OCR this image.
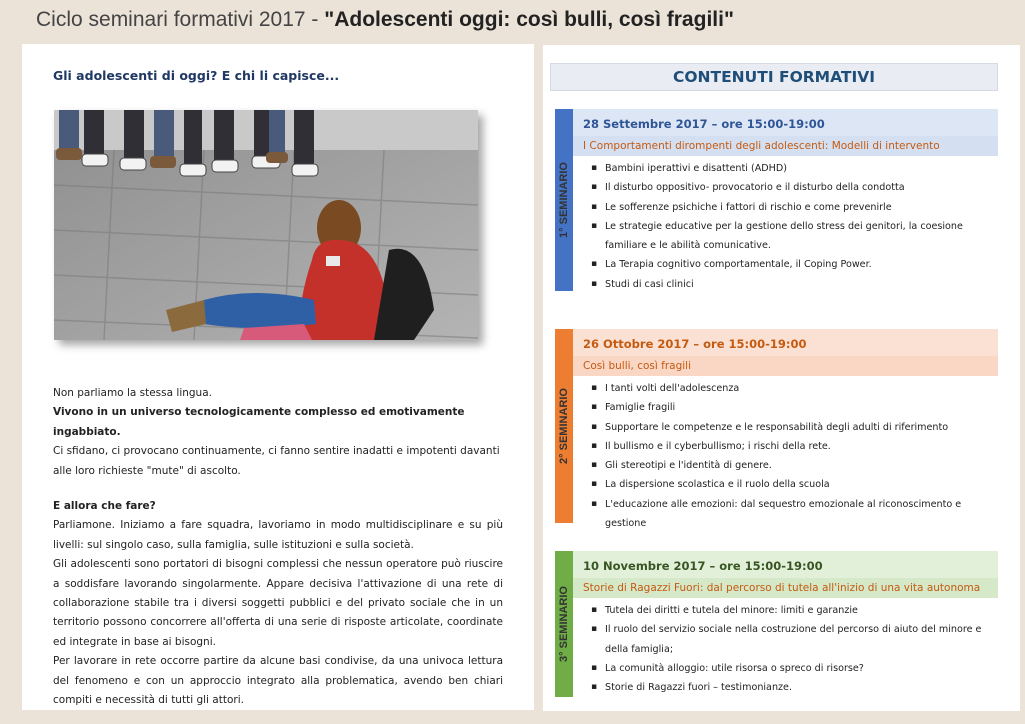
Ciclo seminari formativi 2017 - "Adolescenti oggi: così bulli, così fragili"
Gli adolescenti di oggi? E chi li capisce...

Non parliamo la stessa lingua.

Vivono in un universo tecnologicamente complesso ed emotivamente ingabbiato.

Ci sfidano, ci provocano continuamente, ci fanno sentire inadatti e impotenti davanti alle loro richieste "mute" di ascolto.

E allora che fare?

Parliamone. Iniziamo a fare squadra, lavoriamo in modo multidisciplinare e su più livelli: sul singolo caso, sulla famiglia, sulle istituzioni e sulla società.

Gli adolescenti sono portatori di bisogni complessi che nessun operatore può riuscire a soddisfare lavorando singolarmente. Appare decisiva l'attivazione di una rete di collaborazione stabile tra i diversi soggetti pubblici e del privato sociale che in un territorio possono concorrere all'offerta di una serie di risposte articolate, coordinate ed integrate in base ai bisogni.

Per lavorare in rete occorre partire da alcune basi condivise, da una univoca lettura del fenomeno e con un approccio integrato alla problematica, avendo ben chiari compiti e necessità di tutti gli attori.

CONTENUTI FORMATIVI
1° SEMINARIO
28 Settembre 2017 – ore 15:00-19:00
I Comportamenti dirompenti degli adolescenti: Modelli di intervento
▪ Bambini iperattivi e disattenti (ADHD)
▪ Il disturbo oppositivo- provocatorio e il disturbo della condotta
▪ Le sofferenze psichiche i fattori di rischio e come prevenirle
▪ Le strategie educative per la gestione dello stress dei genitori, la coesione familiare e le abilità comunicative.
▪ La Terapia cognitivo comportamentale, il Coping Power.
▪ Studi di casi clinici
2° SEMINARIO
26 Ottobre 2017 – ore 15:00-19:00
Così bulli, così fragili
▪ I tanti volti dell'adolescenza
▪ Famiglie fragili
▪ Supportare le competenze e le responsabilità degli adulti di riferimento
▪ Il bullismo e il cyberbullismo; i rischi della rete.
▪ Gli stereotipi e l'identità di genere.
▪ La dispersione scolastica e il ruolo della scuola
▪ L'educazione alle emozioni: dal sequestro emozionale al riconoscimento e gestione
3° SEMINARIO
10 Novembre 2017 – ore 15:00-19:00
Storie di Ragazzi Fuori: dal percorso di tutela all'inizio di una vita autonoma
▪ Tutela dei diritti e tutela del minore: limiti e garanzie
▪ Il ruolo del servizio sociale nella costruzione del percorso di aiuto del minore e della famiglia;
▪ La comunità alloggio: utile risorsa o spreco di risorse?
▪ Storie di Ragazzi fuori – testimonianze.
